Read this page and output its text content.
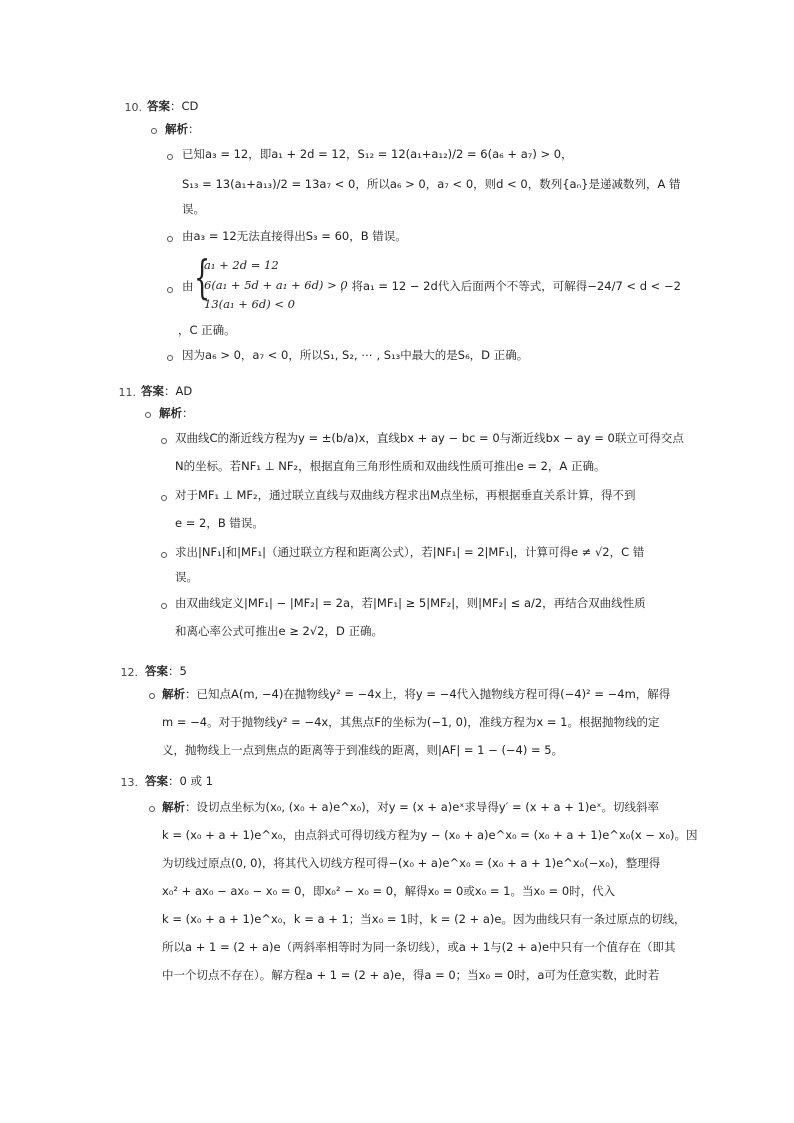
10. 答案：CD
解析：
已知a₃ = 12，即a₁ + 2d = 12，S₁₂ = 12(a₁+a₁₂)/2 = 6(a₆ + a₇) > 0，
S₁₃ = 13(a₁+a₁₃)/2 = 13a₇ < 0，所以a₆ > 0，a₇ < 0，则d < 0，数列{aₙ}是递减数列，A 错
误。
由a₃ = 12无法直接得出S₃ = 60，B 错误。
由 {
a₁ + 2d = 12
6(a₁ + 5d + a₁ + 6d) > 0
13(a₁ + 6d) < 0
，将a₁ = 12 − 2d代入后面两个不等式，可解得−24/7 < d < −2
，C 正确。
因为a₆ > 0，a₇ < 0，所以S₁, S₂, ⋯ , S₁₃中最大的是S₆，D 正确。
11. 答案：AD
解析：
双曲线C的渐近线方程为y = ±(b/a)x，直线bx + ay − bc = 0与渐近线bx − ay = 0联立可得交点
N的坐标。若NF₁ ⊥ NF₂，根据直角三角形性质和双曲线性质可推出e = 2，A 正确。
对于MF₁ ⊥ MF₂，通过联立直线与双曲线方程求出M点坐标，再根据垂直关系计算，得不到
e = 2，B 错误。
求出|NF₁|和|MF₁|（通过联立方程和距离公式），若|NF₁| = 2|MF₁|，计算可得e ≠ √2，C 错
误。
由双曲线定义|MF₁| − |MF₂| = 2a，若|MF₁| ≥ 5|MF₂|，则|MF₂| ≤ a/2，再结合双曲线性质
和离心率公式可推出e ≥ 2√2，D 正确。
12. 答案：5
解析：已知点A(m, −4)在抛物线y² = −4x上，将y = −4代入抛物线方程可得(−4)² = −4m，解得
m = −4。对于抛物线y² = −4x，其焦点F的坐标为(−1, 0)，准线方程为x = 1。根据抛物线的定
义，抛物线上一点到焦点的距离等于到准线的距离，则|AF| = 1 − (−4) = 5。
13. 答案：0 或 1
解析：设切点坐标为(x₀, (x₀ + a)e^x₀)，对y = (x + a)eˣ求导得y′ = (x + a + 1)eˣ。切线斜率
k = (x₀ + a + 1)e^x₀，由点斜式可得切线方程为y − (x₀ + a)e^x₀ = (x₀ + a + 1)e^x₀(x − x₀)。因
为切线过原点(0, 0)，将其代入切线方程可得−(x₀ + a)e^x₀ = (x₀ + a + 1)e^x₀(−x₀)，整理得
x₀² + ax₀ − ax₀ − x₀ = 0，即x₀² − x₀ = 0，解得x₀ = 0或x₀ = 1。当x₀ = 0时，代入
k = (x₀ + a + 1)e^x₀，k = a + 1；当x₀ = 1时，k = (2 + a)e。因为曲线只有一条过原点的切线，
所以a + 1 = (2 + a)e（两斜率相等时为同一条切线），或a + 1与(2 + a)e中只有一个值存在（即其
中一个切点不存在）。解方程a + 1 = (2 + a)e，得a = 0；当x₀ = 0时，a可为任意实数，此时若
